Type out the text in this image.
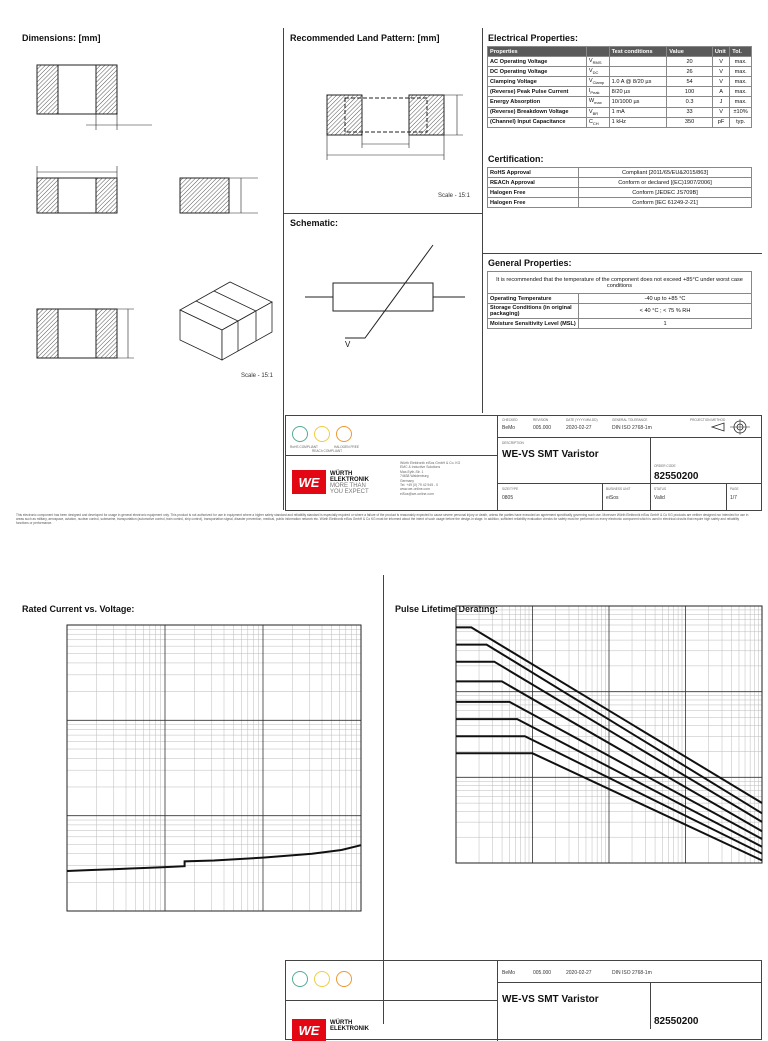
Dimensions: [mm]
Scale - 15:1
Recommended Land Pattern: [mm]
Scale - 15:1
Schematic:
V
Electrical Properties:
Properties		Test conditions	Value	Unit	Tol.
AC Operating Voltage	$V_{RMS}$		20	V	max.
DC Operating Voltage	$V_{DC}$		26	V	max.
Clamping Voltage	$V_{Clamp}$	1.0 A @ 8/20 µs	54	V	max.
(Reverse) Peak Pulse Current	$I_{Peak}$	8/20 µs	100	A	max.
Energy Absorption	$W_{max}$	10/1000 µs	0.3	J	max.
(Reverse) Breakdown Voltage	$V_{BR}$	1 mA	33	V	±10%
(Channel) Input Capacitance	$C_{CH}$	1 kHz	350	pF	typ.
Certification:
RoHS Approval	Compliant [2011/65/EU&2015/863]
REACh Approval	Conform or declared [(EC)1907/2006]
Halogen Free	Conform [JEDEC JS709B]
Halogen Free	Conform [IEC 61249-2-21]
General Properties:
It is recommended that the temperature of the component does not exceed +85°C under worst case conditions	
Operating Temperature	-40 up to +85 °C
Storage Conditions (in original packaging)	< 40 °C ; < 75 % RH
Moisture Sensitivity Level (MSL)	1
RoHS COMPLIANT
REACh COMPLIANT
HALOGEN FREE
WE
WÜRTH
ELEKTRONIK
MORE THAN
YOU EXPECT
Würth Elektronik eiSos GmbH & Co. KG
EMC & Inductive Solutions
Max-Eyth-Str. 1
74638 Waldenburg
Germany
Tel. +49 (0) 79 42 945 - 0
www.we-online.com
eiSos@we-online.com
CHECKED
BeMo
REVISION
005.000
DATE (YYYY-MM-DD)
2020-02-27
GENERAL TOLERANCE
DIN ISO 2768-1m
PROJECTION METHOD
DESCRIPTION
WE-VS SMT Varistor
ORDER CODE
82550200
SIZE/TYPE
0805
BUSINESS UNIT
eiSos
STATUS
Valid
PAGE
1/7
This electronic component has been designed and developed for usage in general electronic equipment only. This product is not authorized for use in equipment where a higher safety standard and reliability standard is especially required or where a failure of the product is reasonably expected to cause severe personal injury or death, unless the parties have executed an agreement specifically governing such use. Moreover Würth Elektronik eiSos GmbH & Co KG products are neither designed nor intended for use in areas such as military, aerospace, aviation, nuclear control, submarine, transportation (automotive control, train control, ship control), transportation signal, disaster prevention, medical, public information network etc. Würth Elektronik eiSos GmbH & Co KG must be informed about the intent of such usage before the design-in stage. In addition, sufficient reliability evaluation checks for safety must be performed on every electronic component which is used in electrical circuits that require high safety and reliability functions or performance.
Rated Current vs. Voltage:	Pulse Lifetime Derating:
WE	WÜRTH
ELEKTRONIK
BeMo	005.000	2020-02-27	DIN ISO 2768-1m
WE-VS SMT Varistor
82550200
